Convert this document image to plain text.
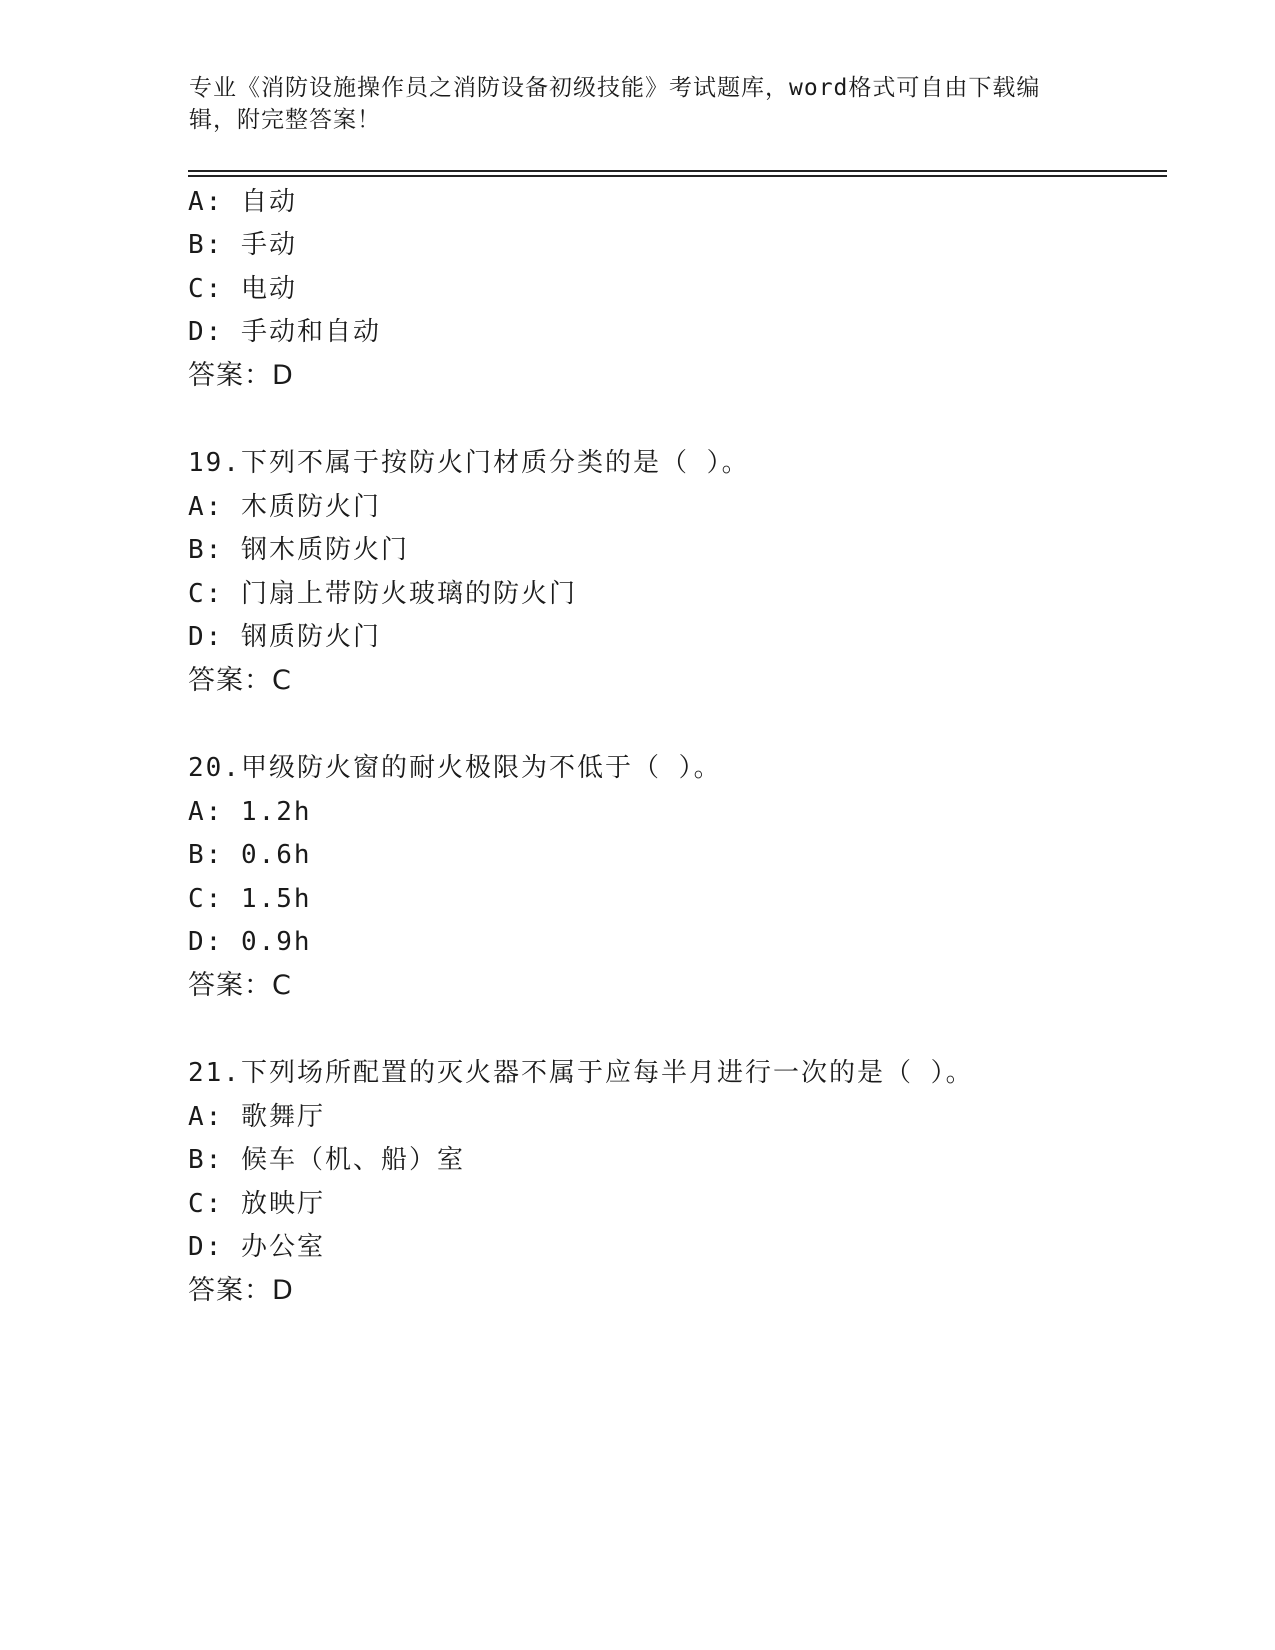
专业《消防设施操作员之消防设备初级技能》考试题库，word格式可自由下载编
辑，附完整答案！
A: 自动
B: 手动
C: 电动
D: 手动和自动
答案：D
19.下列不属于按防火门材质分类的是（ ）。
A: 木质防火门
B: 钢木质防火门
C: 门扇上带防火玻璃的防火门
D: 钢质防火门
答案：C
20.甲级防火窗的耐火极限为不低于（ ）。
A: 1.2h
B: 0.6h
C: 1.5h
D: 0.9h
答案：C
21.下列场所配置的灭火器不属于应每半月进行一次的是（ ）。
A: 歌舞厅
B: 候车（机、船）室
C: 放映厅
D: 办公室
答案：D
